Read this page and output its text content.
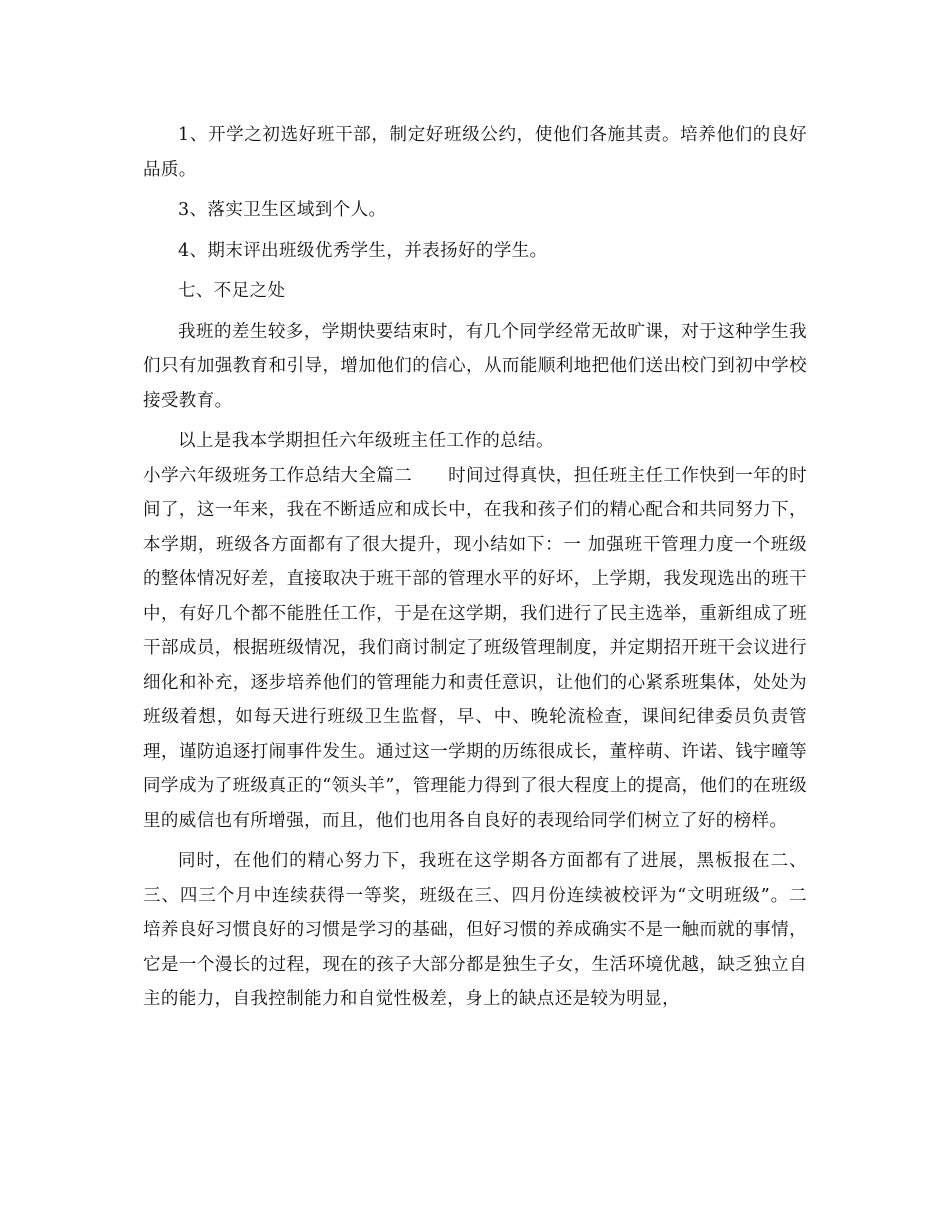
1、开学之初选好班干部，制定好班级公约，使他们各施其责。培养他们的良好品质。

3、落实卫生区域到个人。

4、期末评出班级优秀学生，并表扬好的学生。

七、不足之处

我班的差生较多，学期快要结束时，有几个同学经常无故旷课，对于这种学生我们只有加强教育和引导，增加他们的信心，从而能顺利地把他们送出校门到初中学校接受教育。

以上是我本学期担任六年级班主任工作的总结。

小学六年级班务工作总结大全篇二　　时间过得真快，担任班主任工作快到一年的时间了，这一年来，我在不断适应和成长中，在我和孩子们的精心配合和共同努力下，本学期，班级各方面都有了很大提升，现小结如下：一 加强班干管理力度一个班级的整体情况好差，直接取决于班干部的管理水平的好坏，上学期，我发现选出的班干中，有好几个都不能胜任工作，于是在这学期，我们进行了民主选举，重新组成了班干部成员，根据班级情况，我们商讨制定了班级管理制度，并定期招开班干会议进行细化和补充，逐步培养他们的管理能力和责任意识，让他们的心紧系班集体，处处为班级着想，如每天进行班级卫生监督，早、中、晚轮流检查，课间纪律委员负责管理，谨防追逐打闹事件发生。通过这一学期的历练很成长，董梓萌、许诺、钱宇曈等同学成为了班级真正的“领头羊”，管理能力得到了很大程度上的提高，他们的在班级里的威信也有所增强，而且，他们也用各自良好的表现给同学们树立了好的榜样。

同时，在他们的精心努力下，我班在这学期各方面都有了进展，黑板报在二、三、四三个月中连续获得一等奖，班级在三、四月份连续被校评为“文明班级”。二 培养良好习惯良好的习惯是学习的基础，但好习惯的养成确实不是一触而就的事情，它是一个漫长的过程，现在的孩子大部分都是独生子女，生活环境优越，缺乏独立自主的能力，自我控制能力和自觉性极差，身上的缺点还是较为明显，
